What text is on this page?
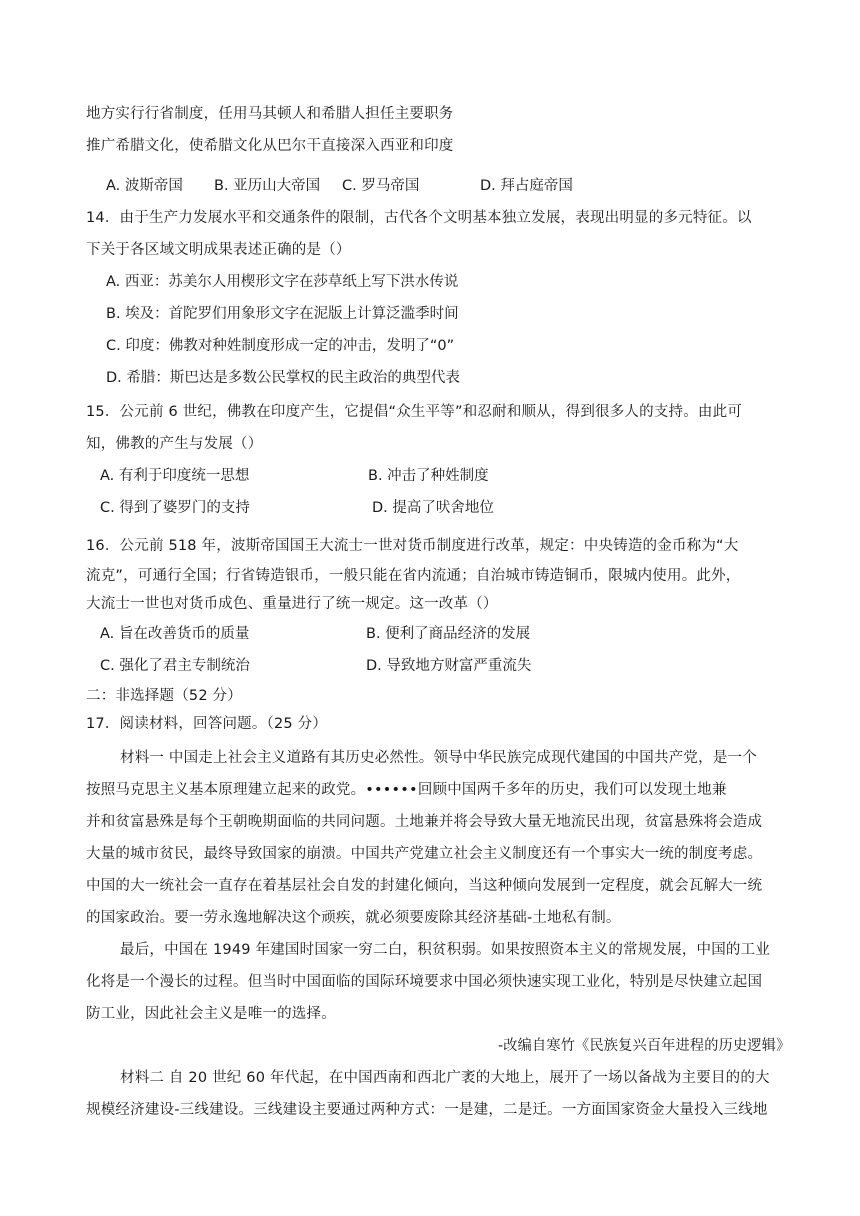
地方实行行省制度，任用马其顿人和希腊人担任主要职务
推广希腊文化，使希腊文化从巴尔干直接深入西亚和印度
A. 波斯帝国 B. 亚历山大帝国 C. 罗马帝国	D. 拜占庭帝国
14．由于生产力发展水平和交通条件的限制，古代各个文明基本独立发展，表现出明显的多元特征。以
下关于各区域文明成果表述正确的是（）
A. 西亚：苏美尔人用楔形文字在莎草纸上写下洪水传说
B. 埃及：首陀罗们用象形文字在泥版上计算泛滥季时间
C. 印度：佛教对种姓制度形成一定的冲击，发明了“0”
D. 希腊：斯巴达是多数公民掌权的民主政治的典型代表
15．公元前 6 世纪，佛教在印度产生，它提倡“众生平等”和忍耐和顺从，得到很多人的支持。由此可
知，佛教的产生与发展（）
A. 有利于印度统一思想	B. 冲击了种姓制度
C. 得到了婆罗门的支持	D. 提高了吠舍地位
16．公元前 518 年，波斯帝国国王大流士一世对货币制度进行改革，规定：中央铸造的金币称为“大
流克”，可通行全国；行省铸造银币，一般只能在省内流通；自治城市铸造铜币，限城内使用。此外，
大流士一世也对货币成色、重量进行了统一规定。这一改革（）
A. 旨在改善货币的质量	B. 便利了商品经济的发展
C. 强化了君主专制统治	D. 导致地方财富严重流失
二：非选择题（52 分）
17．阅读材料，回答问题。（25 分）
材料一 中国走上社会主义道路有其历史必然性。领导中华民族完成现代建国的中国共产党，是一个
按照马克思主义基本原理建立起来的政党。••••••回顾中国两千多年的历史，我们可以发现土地兼
并和贫富悬殊是每个王朝晚期面临的共同问题。土地兼并将会导致大量无地流民出现，贫富悬殊将会造成
大量的城市贫民，最终导致国家的崩溃。中国共产党建立社会主义制度还有一个事实大一统的制度考虑。
中国的大一统社会一直存在着基层社会自发的封建化倾向，当这种倾向发展到一定程度，就会瓦解大一统
的国家政治。要一劳永逸地解决这个顽疾，就必须要废除其经济基础-土地私有制。
最后，中国在 1949 年建国时国家一穷二白，积贫积弱。如果按照资本主义的常规发展，中国的工业
化将是一个漫长的过程。但当时中国面临的国际环境要求中国必须快速实现工业化，特别是尽快建立起国
防工业，因此社会主义是唯一的选择。
-改编自寒竹《民族复兴百年进程的历史逻辑》
材料二 自 20 世纪 60 年代起，在中国西南和西北广袤的大地上，展开了一场以备战为主要目的的大
规模经济建设-三线建设。三线建设主要通过两种方式：一是建，二是迁。一方面国家资金大量投入三线地
